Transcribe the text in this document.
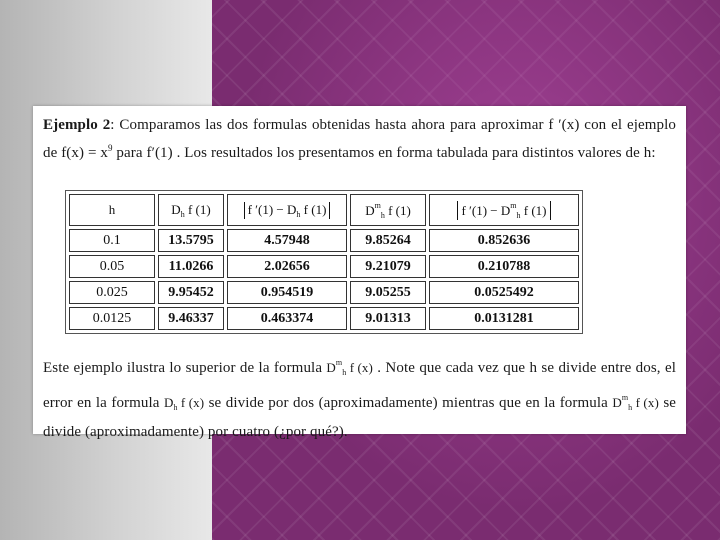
Ejemplo 2: Comparamos las dos formulas obtenidas hasta ahora para aproximar f ′(x) con el ejemplo de $f(x) = x^9$ para f′(1) . Los resultados los presentamos en forma tabulada para distintos valores de h:
h	$D_h$ f (1)	f $'(1) - D_h$ f (1)	$D^m_h$ f (1)	f $'(1) - D^m_h$ f (1)
0.1	13.5795	4.57948	9.85264	0.852636
0.05	11.0266	2.02656	9.21079	0.210788
0.025	9.95452	0.954519	9.05255	0.0525492
0.0125	9.46337	0.463374	9.01313	0.0131281
Este ejemplo ilustra lo superior de la formula $D^m_h$ f (x) . Note que cada vez que h se divide entre dos, el error en la formula $D_h$ f (x) se divide por dos (aproximadamente) mientras que en la formula $D^m_h$ f (x) se divide (aproximadamente) por cuatro (¿por qué?).
